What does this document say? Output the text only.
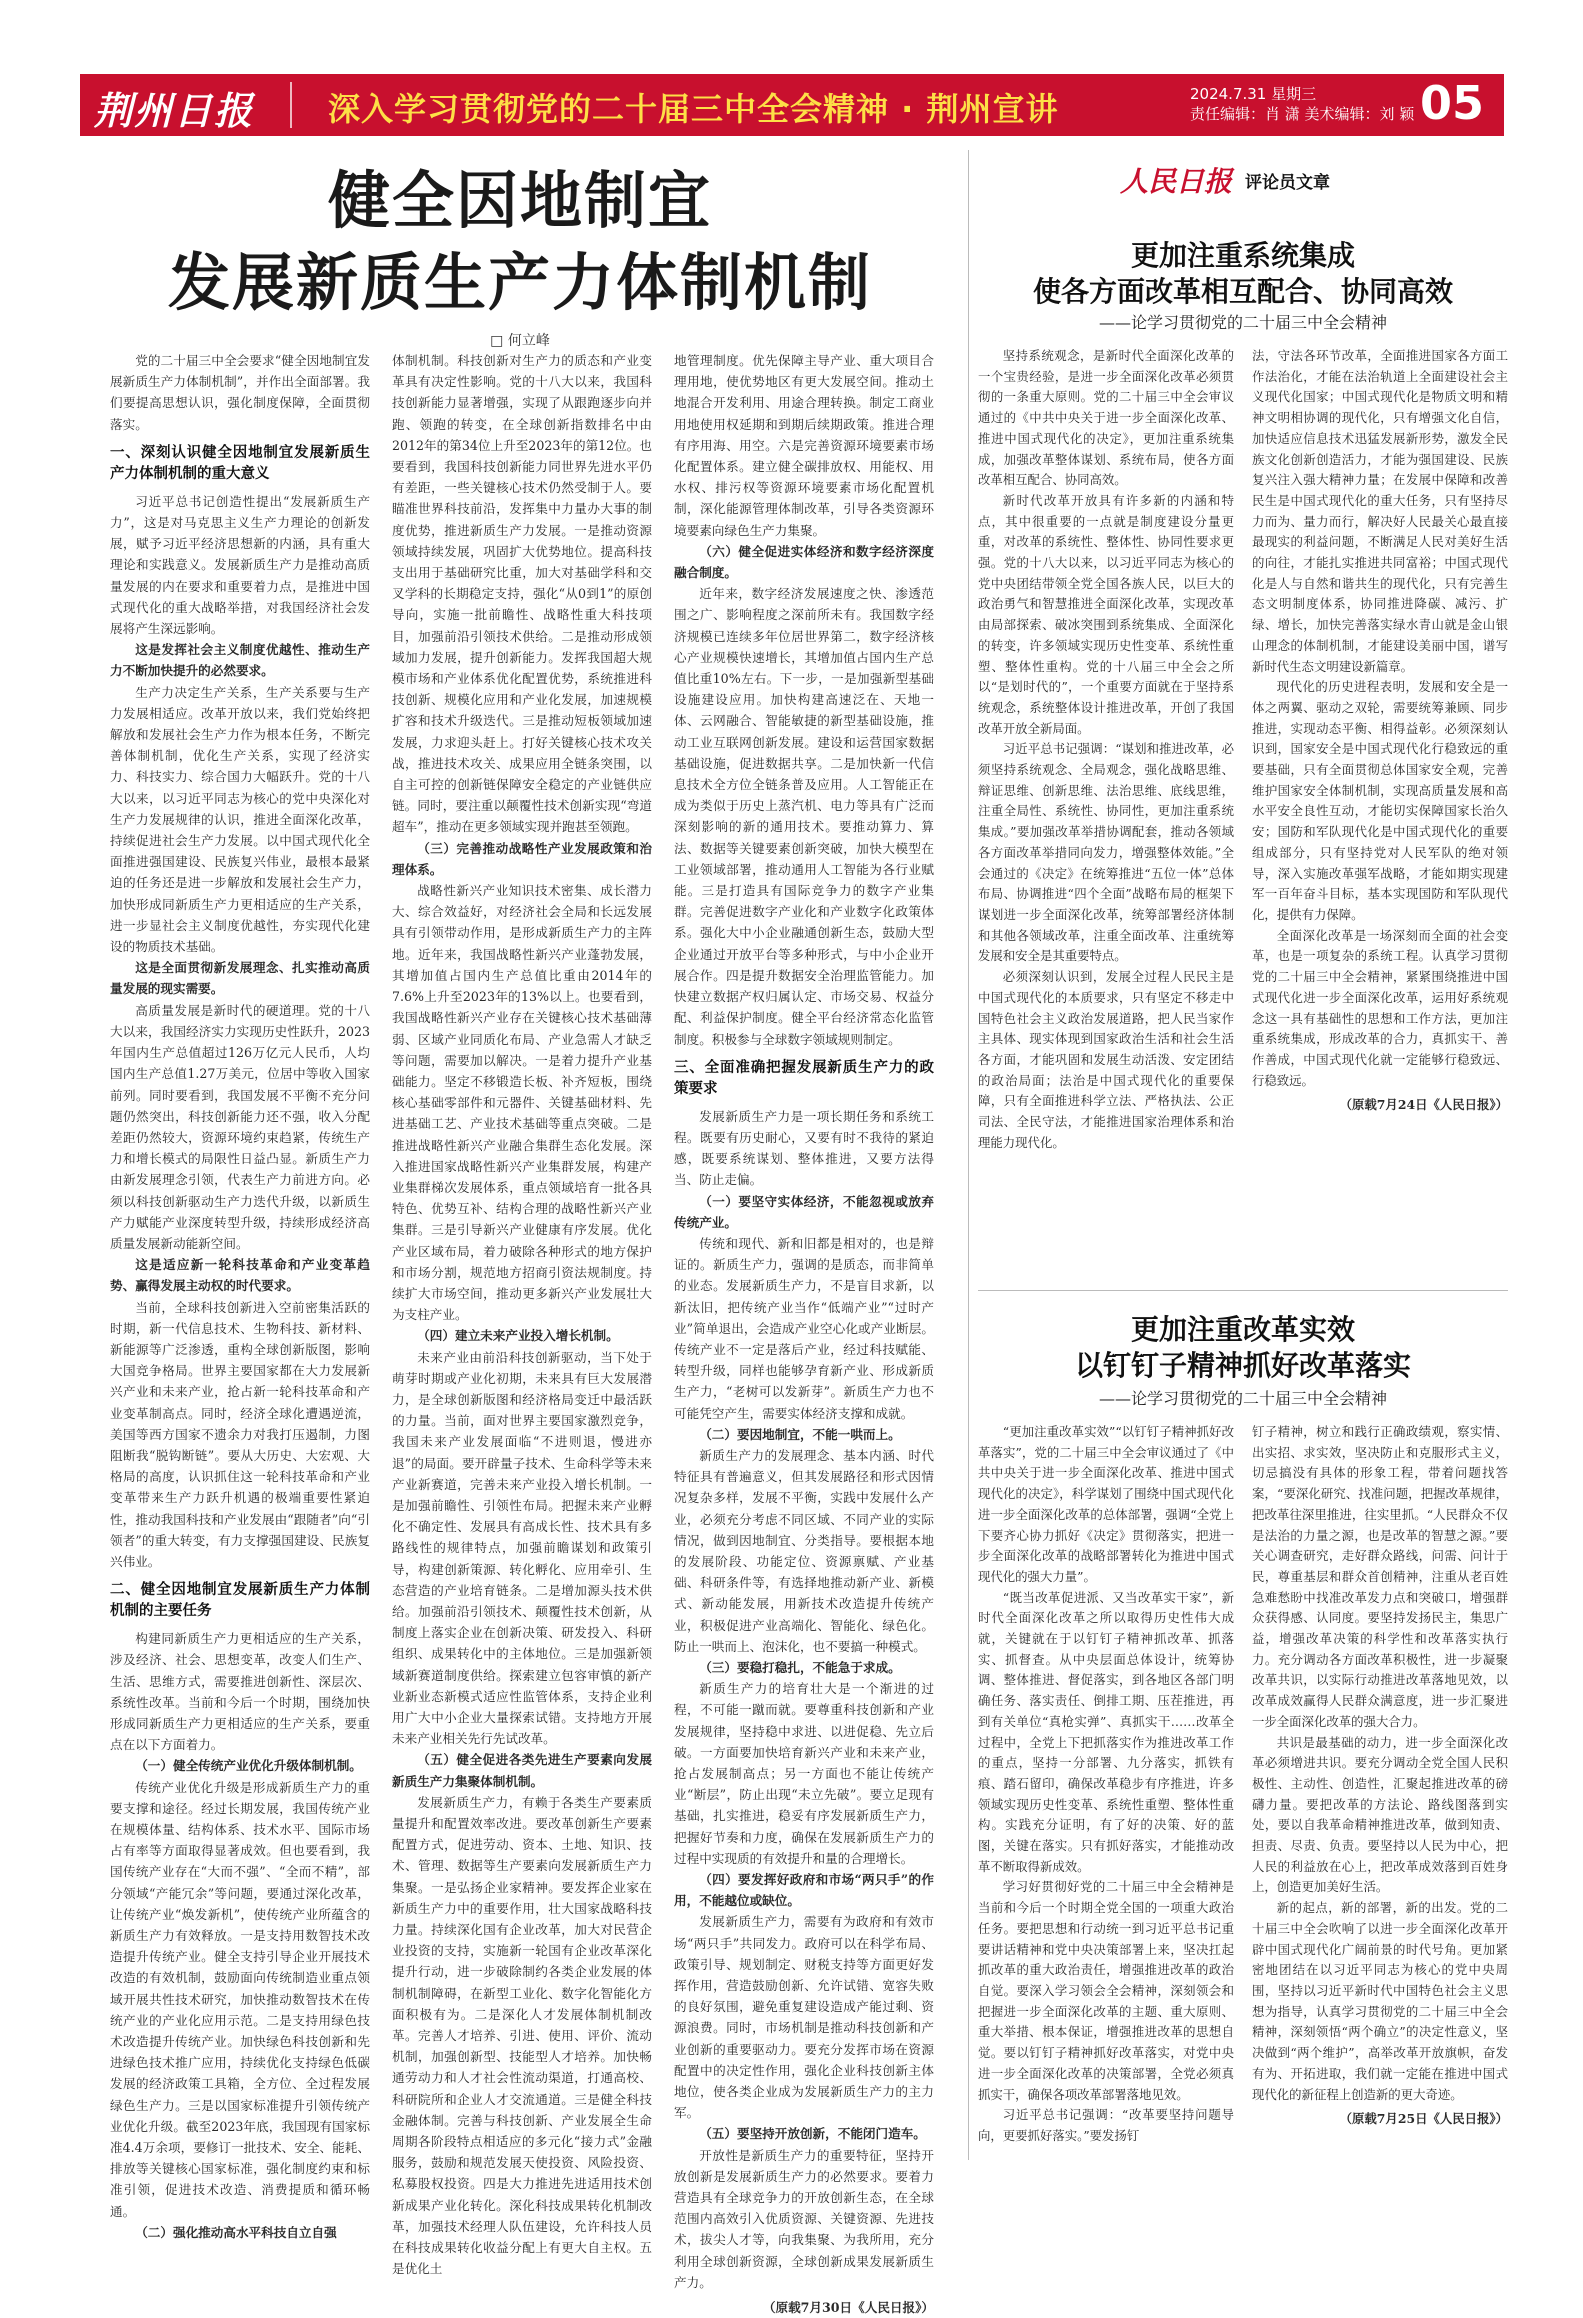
荆州日报 深入学习贯彻党的二十届三中全会精神 · 荆州宣讲	2024.7.31 星期三
责任编辑：肖 潇 美术编辑：刘 颖 05
健全因地制宜
发展新质生产力体制机制
□ 何立峰

党的二十届三中全会要求“健全因地制宜发展新质生产力体制机制”，并作出全面部署。我们要提高思想认识，强化制度保障，全面贯彻落实。

一、深刻认识健全因地制宜发展新质生产力体制机制的重大意义

习近平总书记创造性提出“发展新质生产力”，这是对马克思主义生产力理论的创新发展，赋予习近平经济思想新的内涵，具有重大理论和实践意义。发展新质生产力是推动高质量发展的内在要求和重要着力点，是推进中国式现代化的重大战略举措，对我国经济社会发展将产生深远影响。

这是发挥社会主义制度优越性、推动生产力不断加快提升的必然要求。

生产力决定生产关系，生产关系要与生产力发展相适应。改革开放以来，我们党始终把解放和发展社会生产力作为根本任务，不断完善体制机制，优化生产关系，实现了经济实力、科技实力、综合国力大幅跃升。党的十八大以来，以习近平同志为核心的党中央深化对生产力发展规律的认识，推进全面深化改革，持续促进社会生产力发展。以中国式现代化全面推进强国建设、民族复兴伟业，最根本最紧迫的任务还是进一步解放和发展社会生产力，加快形成同新质生产力更相适应的生产关系，进一步显社会主义制度优越性，夯实现代化建设的物质技术基础。

这是全面贯彻新发展理念、扎实推动高质量发展的现实需要。

高质量发展是新时代的硬道理。党的十八大以来，我国经济实力实现历史性跃升，2023年国内生产总值超过126万亿元人民币，人均国内生产总值1.27万美元，位居中等收入国家前列。同时要看到，我国发展不平衡不充分问题仍然突出，科技创新能力还不强，收入分配差距仍然较大，资源环境约束趋紧，传统生产力和增长模式的局限性日益凸显。新质生产力由新发展理念引领，代表生产力前进方向。必须以科技创新驱动生产力迭代升级，以新质生产力赋能产业深度转型升级，持续形成经济高质量发展新动能新空间。

这是适应新一轮科技革命和产业变革趋势、赢得发展主动权的时代要求。

当前，全球科技创新进入空前密集活跃的时期，新一代信息技术、生物科技、新材料、新能源等广泛渗透，重构全球创新版图，影响大国竞争格局。世界主要国家都在大力发展新兴产业和未来产业，抢占新一轮科技革命和产业变革制高点。同时，经济全球化遭遇逆流，美国等西方国家不遗余力对我打压遏制，力图阻断我“脱钩断链”。要从大历史、大宏观、大格局的高度，认识抓住这一轮科技革命和产业变革带来生产力跃升机遇的极端重要性紧迫性，推动我国科技和产业发展由“跟随者”向“引领者”的重大转变，有力支撑强国建设、民族复兴伟业。

二、健全因地制宜发展新质生产力体制机制的主要任务

构建同新质生产力更相适应的生产关系，涉及经济、社会、思想变革，改变人们生产、生活、思维方式，需要推进创新性、深层次、系统性改革。当前和今后一个时期，围绕加快形成同新质生产力更相适应的生产关系，要重点在以下方面着力。

（一）健全传统产业优化升级体制机制。

传统产业优化升级是形成新质生产力的重要支撑和途径。经过长期发展，我国传统产业在规模体量、结构体系、技术水平、国际市场占有率等方面取得显著成效。但也要看到，我国传统产业存在“大而不强”、“全而不精”，部分领域“产能冗余”等问题，要通过深化改革，让传统产业“焕发新机”，使传统产业所蕴含的新质生产力有效释放。一是支持用数智技术改造提升传统产业。健全支持引导企业开展技术改造的有效机制，鼓励面向传统制造业重点领域开展共性技术研究，加快推动数智技术在传统产业的产业化应用示范。二是支持用绿色技术改造提升传统产业。加快绿色科技创新和先进绿色技术推广应用，持续优化支持绿色低碳发展的经济政策工具箱，全方位、全过程发展绿色生产力。三是以国家标准提升引领传统产业优化升级。截至2023年底，我国现有国家标准4.4万余项，要修订一批技术、安全、能耗、排放等关键核心国家标准，强化制度约束和标准引领，促进技术改造、消费提质和循环畅通。

（二）强化推动高水平科技自立自强

体制机制。科技创新对生产力的质态和产业变革具有决定性影响。党的十八大以来，我国科技创新能力显著增强，实现了从跟跑逐步向并跑、领跑的转变，在全球创新指数排名中由2012年的第34位上升至2023年的第12位。也要看到，我国科技创新能力同世界先进水平仍有差距，一些关键核心技术仍然受制于人。要瞄准世界科技前沿，发挥集中力量办大事的制度优势，推进新质生产力发展。一是推动资源领域持续发展，巩固扩大优势地位。提高科技支出用于基础研究比重，加大对基础学科和交叉学科的长期稳定支持，强化“从0到1”的原创导向，实施一批前瞻性、战略性重大科技项目，加强前沿引领技术供给。二是推动形成领域加力发展，提升创新能力。发挥我国超大规模市场和产业体系优化配置优势，系统推进科技创新、规模化应用和产业化发展，加速规模扩容和技术升级迭代。三是推动短板领域加速发展，力求迎头赶上。打好关键核心技术攻关战，推进技术攻关、成果应用全链条突围，以自主可控的创新链保障安全稳定的产业链供应链。同时，要注重以颠覆性技术创新实现“弯道超车”，推动在更多领域实现并跑甚至领跑。

（三）完善推动战略性产业发展政策和治理体系。

战略性新兴产业知识技术密集、成长潜力大、综合效益好，对经济社会全局和长远发展具有引领带动作用，是形成新质生产力的主阵地。近年来，我国战略性新兴产业蓬勃发展，其增加值占国内生产总值比重由2014年的7.6%上升至2023年的13%以上。也要看到，我国战略性新兴产业存在关键核心技术基础薄弱、区域产业同质化布局、产业急需人才缺乏等问题，需要加以解决。一是着力提升产业基础能力。坚定不移锻造长板、补齐短板，围绕核心基础零部件和元器件、关键基础材料、先进基础工艺、产业技术基础等重点突破。二是推进战略性新兴产业融合集群生态化发展。深入推进国家战略性新兴产业集群发展，构建产业集群梯次发展体系，重点领域培育一批各具特色、优势互补、结构合理的战略性新兴产业集群。三是引导新兴产业健康有序发展。优化产业区域布局，着力破除各种形式的地方保护和市场分割，规范地方招商引资法规制度。持续扩大市场空间，推动更多新兴产业发展壮大为支柱产业。

（四）建立未来产业投入增长机制。

未来产业由前沿科技创新驱动，当下处于萌芽时期或产业化初期，未来具有巨大发展潜力，是全球创新版图和经济格局变迁中最活跃的力量。当前，面对世界主要国家激烈竞争，我国未来产业发展面临“不进则退，慢进亦退”的局面。要开辟量子技术、生命科学等未来产业新赛道，完善未来产业投入增长机制。一是加强前瞻性、引领性布局。把握未来产业孵化不确定性、发展具有高成长性、技术具有多路线性的规律特点，加强前瞻谋划和政策引导，构建创新策源、转化孵化、应用牵引、生态营造的产业培育链条。二是增加源头技术供给。加强前沿引领技术、颠覆性技术创新，从制度上落实企业在创新决策、研发投入、科研组织、成果转化中的主体地位。三是加强新领域新赛道制度供给。探索建立包容审慎的新产业新业态新模式适应性监管体系，支持企业利用广大中小企业大量探索试错。支持地方开展未来产业相关先行先试改革。

（五）健全促进各类先进生产要素向发展新质生产力集聚体制机制。

发展新质生产力，有赖于各类生产要素质量提升和配置效率改进。要改革创新生产要素配置方式，促进劳动、资本、土地、知识、技术、管理、数据等生产要素向发展新质生产力集聚。一是弘扬企业家精神。要发挥企业家在新质生产力中的重要作用，壮大国家战略科技力量。持续深化国有企业改革，加大对民营企业投资的支持，实施新一轮国有企业改革深化提升行动，进一步破除制约各类企业发展的体制机制障碍，在新型工业化、数字化智能化方面积极有为。二是深化人才发展体制机制改革。完善人才培养、引进、使用、评价、流动机制，加强创新型、技能型人才培养。加快畅通劳动力和人才社会性流动渠道，打通高校、科研院所和企业人才交流通道。三是健全科技金融体制。完善与科技创新、产业发展全生命周期各阶段特点相适应的多元化“接力式”金融服务，鼓励和规范发展天使投资、风险投资、私募股权投资。四是大力推进先进适用技术创新成果产业化转化。深化科技成果转化机制改革，加强技术经理人队伍建设，允许科技人员在科技成果转化收益分配上有更大自主权。五是优化土

地管理制度。优先保障主导产业、重大项目合理用地，使优势地区有更大发展空间。推动土地混合开发利用、用途合理转换。制定工商业用地使用权延期和到期后续期政策。推进合理有序用海、用空。六是完善资源环境要素市场化配置体系。建立健全碳排放权、用能权、用水权、排污权等资源环境要素市场化配置机制，深化能源管理体制改革，引导各类资源环境要素向绿色生产力集聚。

（六）健全促进实体经济和数字经济深度融合制度。

近年来，数字经济发展速度之快、渗透范围之广、影响程度之深前所未有。我国数字经济规模已连续多年位居世界第二，数字经济核心产业规模快速增长，其增加值占国内生产总值比重10%左右。下一步，一是加强新型基础设施建设应用。加快构建高速泛在、天地一体、云网融合、智能敏捷的新型基础设施，推动工业互联网创新发展。建设和运营国家数据基础设施，促进数据共享。二是加快新一代信息技术全方位全链条普及应用。人工智能正在成为类似于历史上蒸汽机、电力等具有广泛而深刻影响的新的通用技术。要推动算力、算法、数据等关键要素创新突破，加快大模型在工业领域部署，推动通用人工智能为各行业赋能。三是打造具有国际竞争力的数字产业集群。完善促进数字产业化和产业数字化政策体系。强化大中小企业融通创新生态，鼓励大型企业通过开放平台等多种形式，与中小企业开展合作。四是提升数据安全治理监管能力。加快建立数据产权归属认定、市场交易、权益分配、利益保护制度。健全平台经济常态化监管制度。积极参与全球数字领域规则制定。

三、全面准确把握发展新质生产力的政策要求

发展新质生产力是一项长期任务和系统工程。既要有历史耐心，又要有时不我待的紧迫感，既要系统谋划、整体推进，又要方法得当、防止走偏。

（一）要坚守实体经济，不能忽视或放弃传统产业。

传统和现代、新和旧都是相对的，也是辩证的。新质生产力，强调的是质态，而非简单的业态。发展新质生产力，不是盲目求新，以新汰旧，把传统产业当作“低端产业”“过时产业”简单退出，会造成产业空心化或产业断层。传统产业不一定是落后产业，经过科技赋能、转型升级，同样也能够孕育新产业、形成新质生产力，“老树可以发新芽”。新质生产力也不可能凭空产生，需要实体经济支撑和成就。

（二）要因地制宜，不能一哄而上。

新质生产力的发展理念、基本内涵、时代特征具有普遍意义，但其发展路径和形式因情况复杂多样，发展不平衡，实践中发展什么产业，必须充分考虑不同区域、不同产业的实际情况，做到因地制宜、分类指导。要根据本地的发展阶段、功能定位、资源禀赋、产业基础、科研条件等，有选择地推动新产业、新模式、新动能发展，用新技术改造提升传统产业，积极促进产业高端化、智能化、绿色化。防止一哄而上、泡沫化，也不要搞一种模式。

（三）要稳打稳扎，不能急于求成。

新质生产力的培育壮大是一个渐进的过程，不可能一蹴而就。要尊重科技创新和产业发展规律，坚持稳中求进、以进促稳、先立后破。一方面要加快培育新兴产业和未来产业，抢占发展制高点；另一方面也不能让传统产业“断层”，防止出现“未立先破”。要立足现有基础，扎实推进，稳妥有序发展新质生产力，把握好节奏和力度，确保在发展新质生产力的过程中实现质的有效提升和量的合理增长。

（四）要发挥好政府和市场“两只手”的作用，不能越位或缺位。

发展新质生产力，需要有为政府和有效市场“两只手”共同发力。政府可以在科学布局、政策引导、规划制定、财税支持等方面更好发挥作用，营造鼓励创新、允许试错、宽容失败的良好氛围，避免重复建设造成产能过剩、资源浪费。同时，市场机制是推动科技创新和产业创新的重要驱动力。要充分发挥市场在资源配置中的决定性作用，强化企业科技创新主体地位，使各类企业成为发展新质生产力的主力军。

（五）要坚持开放创新，不能闭门造车。

开放性是新质生产力的重要特征，坚持开放创新是发展新质生产力的必然要求。要着力营造具有全球竞争力的开放创新生态，在全球范围内高效引入优质资源、关键资源、先进技术，拔尖人才等，向我集聚、为我所用，充分利用全球创新资源，全球创新成果发展新质生产力。

（原载7月30日《人民日报》）

人民日报 评论员文章
更加注重系统集成
使各方面改革相互配合、协同高效
——论学习贯彻党的二十届三中全会精神

坚持系统观念，是新时代全面深化改革的一个宝贵经验，是进一步全面深化改革必须贯彻的一条重大原则。党的二十届三中全会审议通过的《中共中央关于进一步全面深化改革、推进中国式现代化的决定》，更加注重系统集成，加强改革整体谋划、系统布局，使各方面改革相互配合、协同高效。

新时代改革开放具有许多新的内涵和特点，其中很重要的一点就是制度建设分量更重，对改革的系统性、整体性、协同性要求更强。党的十八大以来，以习近平同志为核心的党中央团结带领全党全国各族人民，以巨大的政治勇气和智慧推进全面深化改革，实现改革由局部探索、破冰突围到系统集成、全面深化的转变，许多领域实现历史性变革、系统性重塑、整体性重构。党的十八届三中全会之所以“是划时代的”，一个重要方面就在于坚持系统观念，系统整体设计推进改革，开创了我国改革开放全新局面。

习近平总书记强调：“谋划和推进改革，必须坚持系统观念、全局观念，强化战略思维、辩证思维、创新思维、法治思维、底线思维，注重全局性、系统性、协同性，更加注重系统集成。”要加强改革举措协调配套，推动各领域各方面改革举措同向发力，增强整体效能。”全会通过的《决定》在统筹推进“五位一体”总体布局、协调推进“四个全面”战略布局的框架下谋划进一步全面深化改革，统筹部署经济体制和其他各领域改革，注重全面改革、注重统筹发展和安全是其重要特点。

必须深刻认识到，发展全过程人民民主是中国式现代化的本质要求，只有坚定不移走中国特色社会主义政治发展道路，把人民当家作主具体、现实体现到国家政治生活和社会生活各方面，才能巩固和发展生动活泼、安定团结的政治局面；法治是中国式现代化的重要保障，只有全面推进科学立法、严格执法、公正司法、全民守法，才能推进国家治理体系和治理能力现代化。

法，守法各环节改革，全面推进国家各方面工作法治化，才能在法治轨道上全面建设社会主义现代化国家；中国式现代化是物质文明和精神文明相协调的现代化，只有增强文化自信，加快适应信息技术迅猛发展新形势，激发全民族文化创新创造活力，才能为强国建设、民族复兴注入强大精神力量；在发展中保障和改善民生是中国式现代化的重大任务，只有坚持尽力而为、量力而行，解决好人民最关心最直接最现实的利益问题，不断满足人民对美好生活的向往，才能扎实推进共同富裕；中国式现代化是人与自然和谐共生的现代化，只有完善生态文明制度体系，协同推进降碳、减污、扩绿、增长，加快完善落实绿水青山就是金山银山理念的体制机制，才能建设美丽中国，谱写新时代生态文明建设新篇章。

现代化的历史进程表明，发展和安全是一体之两翼、驱动之双轮，需要统筹兼顾、同步推进，实现动态平衡、相得益彰。必须深刻认识到，国家安全是中国式现代化行稳致远的重要基础，只有全面贯彻总体国家安全观，完善维护国家安全体制机制，实现高质量发展和高水平安全良性互动，才能切实保障国家长治久安；国防和军队现代化是中国式现代化的重要组成部分，只有坚持党对人民军队的绝对领导，深入实施改革强军战略，才能如期实现建军一百年奋斗目标，基本实现国防和军队现代化，提供有力保障。

全面深化改革是一场深刻而全面的社会变革，也是一项复杂的系统工程。认真学习贯彻党的二十届三中全会精神，紧紧围绕推进中国式现代化进一步全面深化改革，运用好系统观念这一具有基础性的思想和工作方法，更加注重系统集成，形成改革的合力，真抓实干、善作善成，中国式现代化就一定能够行稳致远、行稳致远。

（原载7月24日《人民日报》）

更加注重改革实效
以钉钉子精神抓好改革落实
——论学习贯彻党的二十届三中全会精神

“更加注重改革实效”“以钉钉子精神抓好改革落实”，党的二十届三中全会审议通过了《中共中央关于进一步全面深化改革、推进中国式现代化的决定》，科学谋划了围绕中国式现代化进一步全面深化改革的总体部署，强调“全党上下要齐心协力抓好《决定》贯彻落实，把进一步全面深化改革的战略部署转化为推进中国式现代化的强大力量”。

“既当改革促进派、又当改革实干家”，新时代全面深化改革之所以取得历史性伟大成就，关键就在于以钉钉子精神抓改革、抓落实、抓督查。从中央层面总体设计，统筹协调、整体推进、督促落实，到各地区各部门明确任务、落实责任、倒排工期、压茬推进，再到有关单位“真枪实弹”、真抓实干……改革全过程中，全党上下把抓落实作为推进改革工作的重点，坚持一分部署、九分落实，抓铁有痕、踏石留印，确保改革稳步有序推进，许多领域实现历史性变革、系统性重塑、整体性重构。实践充分证明，有了好的决策、好的蓝图，关键在落实。只有抓好落实，才能推动改革不断取得新成效。

学习好贯彻好党的二十届三中全会精神是当前和今后一个时期全党全国的一项重大政治任务。要把思想和行动统一到习近平总书记重要讲话精神和党中央决策部署上来，坚决扛起抓改革的重大政治责任，增强推进改革的政治自觉。要深入学习领会全会精神，深刻领会和把握进一步全面深化改革的主题、重大原则、重大举措、根本保证，增强推进改革的思想自觉。要以钉钉子精神抓好改革落实，对党中央进一步全面深化改革的决策部署，全党必须真抓实干，确保各项改革部署落地见效。

习近平总书记强调：“改革要坚持问题导向，更要抓好落实。”要发扬钉

钉子精神，树立和践行正确政绩观，察实情、出实招、求实效，坚决防止和克服形式主义，切忌搞没有具体的形象工程，带着问题找答案，“要深化研究、找准问题，把握改革规律，把改革往深里推进，往实里抓。“人民群众不仅是法治的力量之源，也是改革的智慧之源。”要关心调查研究，走好群众路线，问需、问计于民，尊重基层和群众首创精神，注重从老百姓急难愁盼中找准改革发力点和突破口，增强群众获得感、认同度。要坚持发扬民主，集思广益，增强改革决策的科学性和改革落实执行力。充分调动各方面改革积极性，进一步凝聚改革共识，以实际行动推进改革落地见效，以改革成效赢得人民群众满意度，进一步汇聚进一步全面深化改革的强大合力。

共识是最基础的动力，进一步全面深化改革必须增进共识。要充分调动全党全国人民积极性、主动性、创造性，汇聚起推进改革的磅礴力量。要把改革的方法论、路线图落到实处，要以自我革命精神推进改革，做到知责、担责、尽责、负责。要坚持以人民为中心，把人民的利益放在心上，把改革成效落到百姓身上，创造更加美好生活。

新的起点，新的部署，新的出发。党的二十届三中全会吹响了以进一步全面深化改革开辟中国式现代化广阔前景的时代号角。更加紧密地团结在以习近平同志为核心的党中央周围，坚持以习近平新时代中国特色社会主义思想为指导，认真学习贯彻党的二十届三中全会精神，深刻领悟“两个确立”的决定性意义，坚决做到“两个维护”，高举改革开放旗帜，奋发有为、开拓进取，我们就一定能在推进中国式现代化的新征程上创造新的更大奇迹。

（原载7月25日《人民日报》）
